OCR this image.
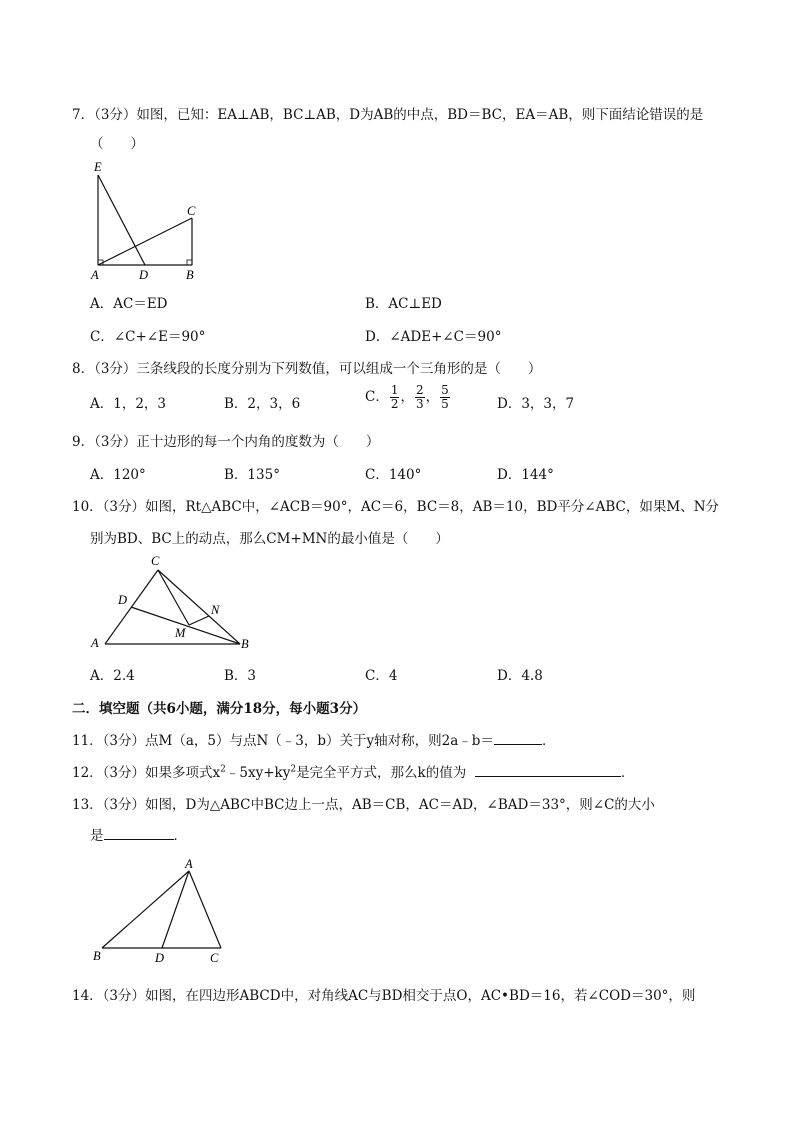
7．（3分）如图，已知：EA⊥AB，BC⊥AB，D为AB的中点，BD＝BC，EA＝AB，则下面结论错误的是
（　　）
E
C
A	D	B
A．AC＝ED	B．AC⊥ED
C．∠C+∠E＝90°	D．∠ADE+∠C＝90°
8．（3分）三条线段的长度分别为下列数值，可以组成一个三角形的是（　　）
A．1，2，3	B．2，3，6	C． $\frac{1}{2}$ ， $\frac{2}{3}$ ， $\frac{5}{5}$	D．3，3，7
9．（3分）正十边形的每一个内角的度数为（　　）
A．120°	B．135°	C．140°	D．144°
10．（3分）如图，Rt△ABC中，∠ACB＝90°，AC＝6，BC＝8，AB＝10，BD平分∠ABC，如果M、N分
别为BD、BC上的动点，那么CM+MN的最小值是（　　）
C
D
N
M
A	B
A．2.4	B．3	C．4	D．4.8
二．填空题（共6小题，满分18分，每小题3分）
11．（3分）点M（a，5）与点N（﹣3，b）关于y轴对称，则2a﹣b＝	．
12．（3分）如果多项式$x^2﹣5xy+ky^2$是完全平方式，那么k的值为	．
13．（3分）如图，D为△ABC中BC边上一点，AB＝CB，AC＝AD，∠BAD＝33°，则∠C的大小
是	．
A
B	D	C
14．（3分）如图，在四边形ABCD中，对角线AC与BD相交于点O，AC•BD＝16，若∠COD＝30°，则
